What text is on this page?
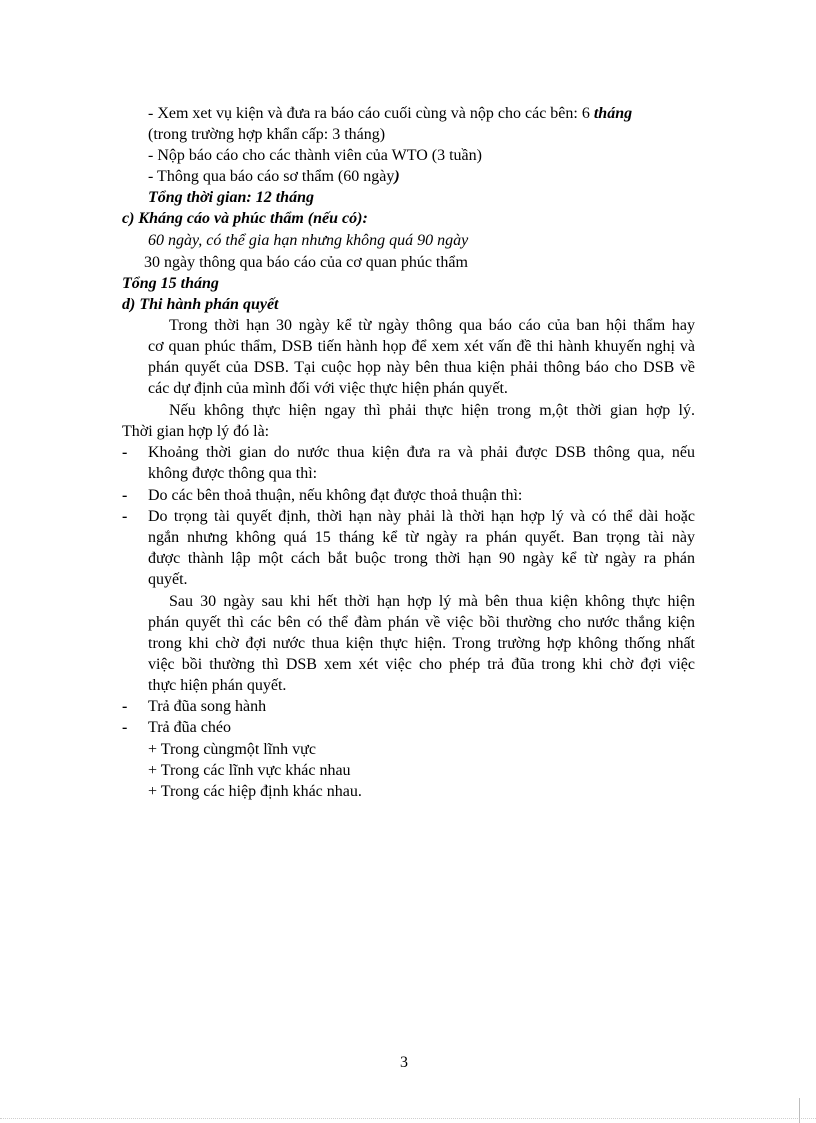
- Xem xet vụ kiện và đưa ra báo cáo cuối cùng và nộp cho các bên: 6 tháng
(trong trường hợp khẩn cấp: 3 tháng)
- Nộp báo cáo cho các thành viên của WTO (3 tuần)
- Thông qua báo cáo sơ thẩm (60 ngày)
Tổng thời gian: 12 tháng
c) Kháng cáo và phúc thẩm (nếu có):
60 ngày, có thể gia hạn nhưng không quá 90 ngày
30 ngày thông qua báo cáo của cơ quan phúc thẩm
Tổng 15 tháng
d) Thi hành phán quyết
Trong thời hạn 30 ngày kể từ ngày thông qua báo cáo của ban hội thẩm hay
cơ quan phúc thẩm, DSB tiến hành họp để xem xét vấn đề thi hành khuyến nghị và
phán quyết của DSB. Tại cuộc họp này bên thua kiện phải thông báo cho DSB về
các dự định của mình đối với việc thực hiện phán quyết.
Nếu không thực hiện ngay thì phải thực hiện trong m,ột thời gian hợp lý.
Thời gian hợp lý đó là:
- Khoảng thời gian do nước thua kiện đưa ra và phải được DSB thông qua, nếu
không được thông qua thì:
- Do các bên thoả thuận, nếu không đạt được thoả thuận thì:
- Do trọng tài quyết định, thời hạn này phải là thời hạn hợp lý và có thể dài hoặc
ngắn nhưng không quá 15 tháng kể từ ngày ra phán quyết. Ban trọng tài này
được thành lập một cách bắt buộc trong thời hạn 90 ngày kể từ ngày ra phán
quyết.
Sau 30 ngày sau khi hết thời hạn hợp lý mà bên thua kiện không thực hiện
phán quyết thì các bên có thể đàm phán về việc bồi thường cho nước thắng kiện
trong khi chờ đợi nước thua kiện thực hiện. Trong trường hợp không thống nhất
việc bồi thường thì DSB xem xét việc cho phép trả đũa trong khi chờ đợi việc
thực hiện phán quyết.
- Trả đũa song hành
- Trả đũa chéo
+ Trong cùngmột lĩnh vực
+ Trong các lĩnh vực khác nhau
+ Trong các hiệp định khác nhau.
3
